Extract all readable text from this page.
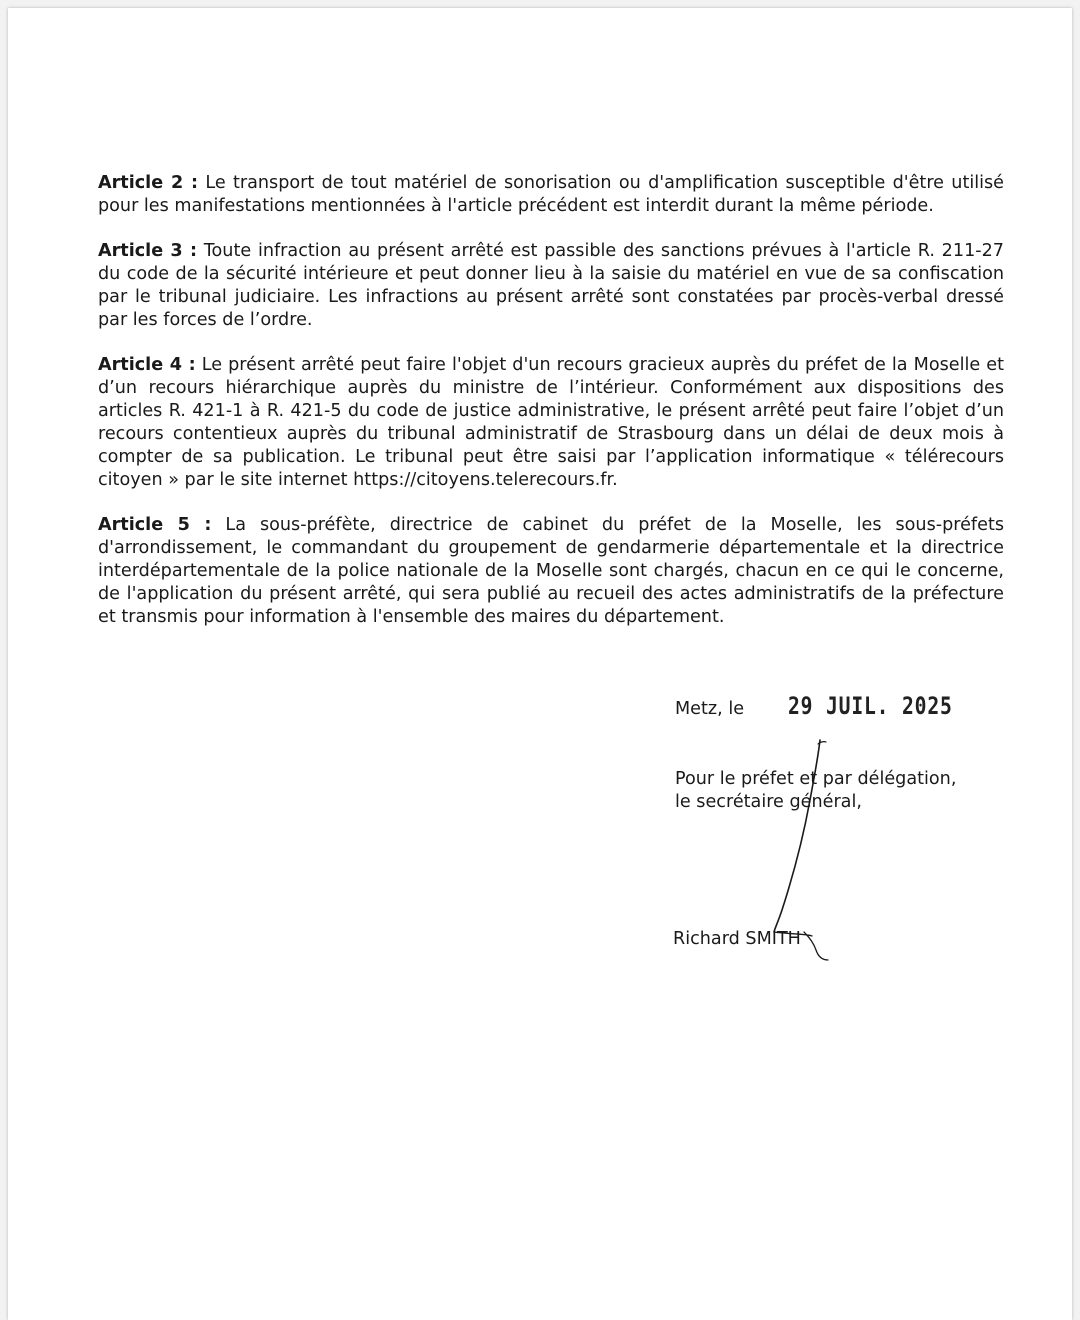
Article 2 : Le transport de tout matériel de sonorisation ou d'amplification susceptible d'être utilisé pour les manifestations mentionnées à l'article précédent est interdit durant la même période.

Article 3 : Toute infraction au présent arrêté est passible des sanctions prévues à l'article R. 211-27 du code de la sécurité intérieure et peut donner lieu à la saisie du matériel en vue de sa confiscation par le tribunal judiciaire. Les infractions au présent arrêté sont constatées par procès-verbal dressé par les forces de l’ordre.

Article 4 : Le présent arrêté peut faire l'objet d'un recours gracieux auprès du préfet de la Moselle et d’un recours hiérarchique auprès du ministre de l’intérieur. Conformément aux dispositions des articles R. 421-1 à R. 421-5 du code de justice administrative, le présent arrêté peut faire l’objet d’un recours contentieux auprès du tribunal administratif de Strasbourg dans un délai de deux mois à compter de sa publication. Le tribunal peut être saisi par l’application informatique « télérecours citoyen » par le site internet https://citoyens.telerecours.fr.

Article 5 : La sous-préfète, directrice de cabinet du préfet de la Moselle, les sous-préfets d'arrondissement, le commandant du groupement de gendarmerie départementale et la directrice interdépartementale de la police nationale de la Moselle sont chargés, chacun en ce qui le concerne, de l'application du présent arrêté, qui sera publié au recueil des actes administratifs de la préfecture et transmis pour information à l'ensemble des maires du département.

Metz, le 29 JUIL. 2025
Pour le préfet et par délégation,
le secrétaire général,
Richard SMITH
